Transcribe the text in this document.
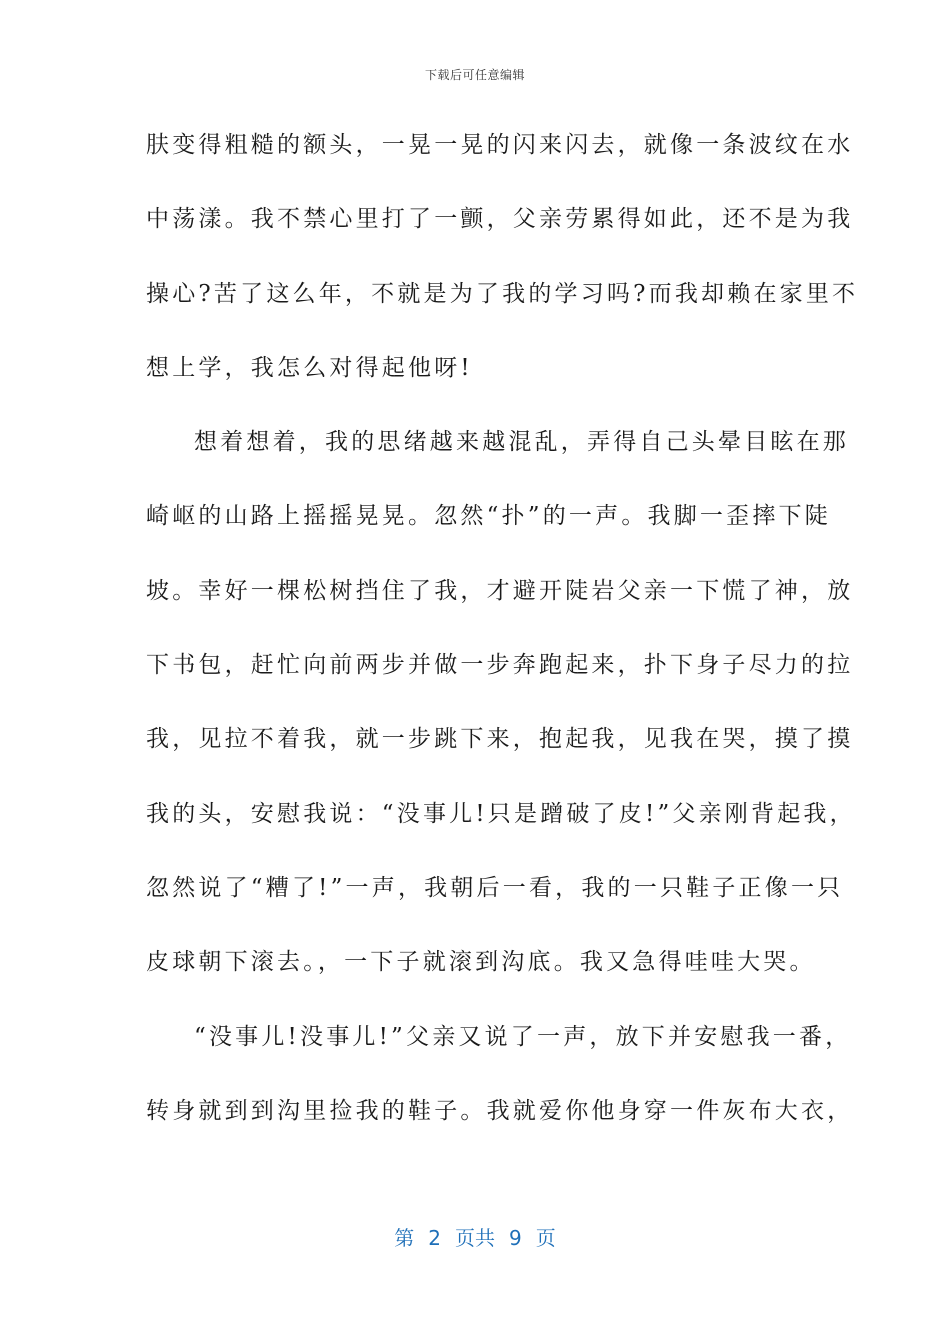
下载后可任意编辑
肤变得粗糙的额头，一晃一晃的闪来闪去，就像一条波纹在水
中荡漾。我不禁心里打了一颤，父亲劳累得如此，还不是为我
操心?苦了这么年，不就是为了我的学习吗?而我却赖在家里不
想上学，我怎么对得起他呀!
想着想着，我的思绪越来越混乱，弄得自己头晕目眩在那
崎岖的山路上摇摇晃晃。忽然“扑”的一声。我脚一歪摔下陡
坡。幸好一棵松树挡住了我，才避开陡岩父亲一下慌了神，放
下书包，赶忙向前两步并做一步奔跑起来，扑下身子尽力的拉
我，见拉不着我，就一步跳下来，抱起我，见我在哭，摸了摸
我的头，安慰我说：“没事儿!只是蹭破了皮!”父亲刚背起我，
忽然说了“糟了!”一声，我朝后一看，我的一只鞋子正像一只
皮球朝下滚去。，一下子就滚到沟底。我又急得哇哇大哭。
“没事儿!没事儿!”父亲又说了一声，放下并安慰我一番，
转身就到到沟里捡我的鞋子。我就爱你他身穿一件灰布大衣，
第 2 页共 9 页
